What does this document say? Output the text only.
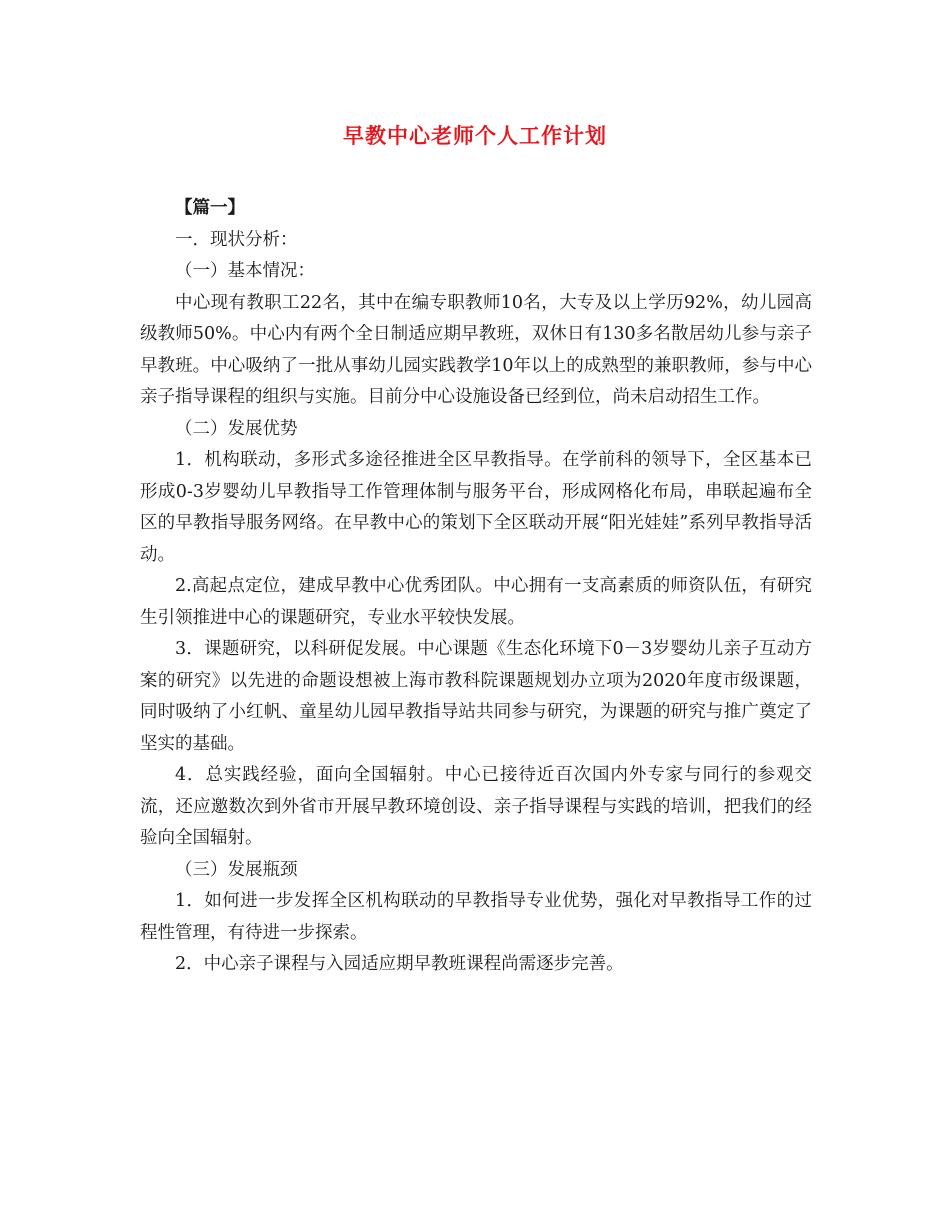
早教中心老师个人工作计划

【篇一】

一．现状分析：

（一）基本情况：

中心现有教职工22名，其中在编专职教师10名，大专及以上学历92%，幼儿园高级教师50%。中心内有两个全日制适应期早教班，双休日有130多名散居幼儿参与亲子早教班。中心吸纳了一批从事幼儿园实践教学10年以上的成熟型的兼职教师，参与中心亲子指导课程的组织与实施。目前分中心设施设备已经到位，尚未启动招生工作。

（二）发展优势

1．机构联动，多形式多途径推进全区早教指导。在学前科的领导下，全区基本已形成0-3岁婴幼儿早教指导工作管理体制与服务平台，形成网格化布局，串联起遍布全区的早教指导服务网络。在早教中心的策划下全区联动开展“阳光娃娃”系列早教指导活动。

2.高起点定位，建成早教中心优秀团队。中心拥有一支高素质的师资队伍，有研究生引领推进中心的课题研究，专业水平较快发展。

3．课题研究，以科研促发展。中心课题《生态化环境下0－3岁婴幼儿亲子互动方案的研究》以先进的命题设想被上海市教科院课题规划办立项为2020年度市级课题，同时吸纳了小红帆、童星幼儿园早教指导站共同参与研究，为课题的研究与推广奠定了坚实的基础。

4．总实践经验，面向全国辐射。中心已接待近百次国内外专家与同行的参观交流，还应邀数次到外省市开展早教环境创设、亲子指导课程与实践的培训，把我们的经验向全国辐射。

（三）发展瓶颈

1．如何进一步发挥全区机构联动的早教指导专业优势，强化对早教指导工作的过程性管理，有待进一步探索。

2．中心亲子课程与入园适应期早教班课程尚需逐步完善。
